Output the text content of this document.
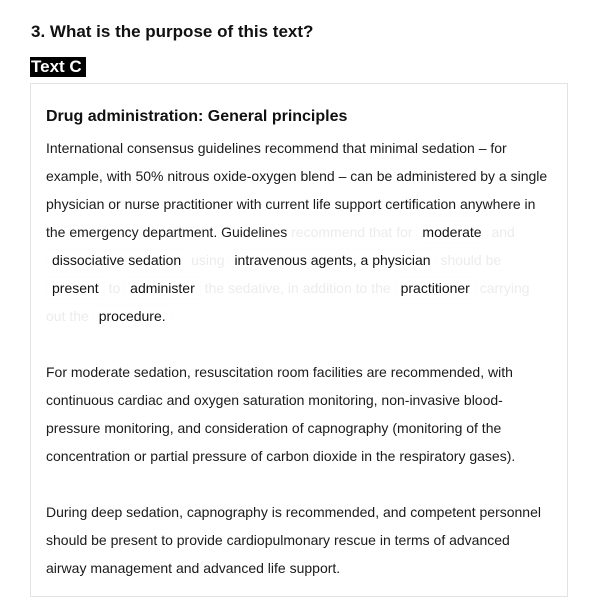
3. What is the purpose of this text?
Text C
Drug administration: General principles

International consensus guidelines recommend that minimal sedation – for example, with 50% nitrous oxide-oxygen blend – can be administered by a single physician or nurse practitioner with current life support certification anywhere in the emergency department. Guidelines recommend that for moderate and dissociative sedation using intravenous agents, a physician should be present to administer the sedative, in addition to the practitioner carrying out the procedure.

For moderate sedation, resuscitation room facilities are recommended, with continuous cardiac and oxygen saturation monitoring, non-invasive blood-pressure monitoring, and consideration of capnography (monitoring of the concentration or partial pressure of carbon dioxide in the respiratory gases).

During deep sedation, capnography is recommended, and competent personnel should be present to provide cardiopulmonary rescue in terms of advanced airway management and advanced life support.
